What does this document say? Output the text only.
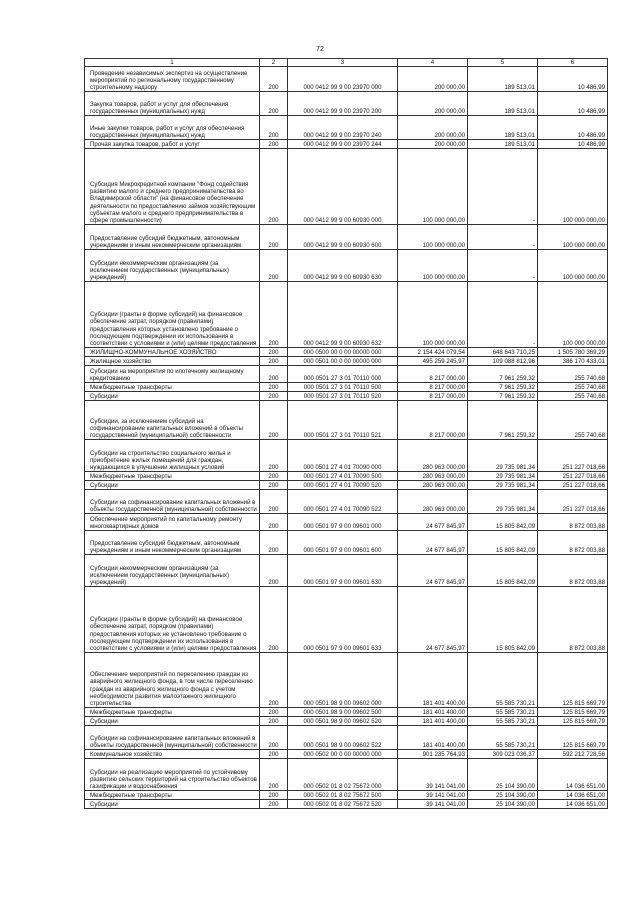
72
1	2	3	4	5	6
Проведение независимых экспертиз на осуществление мероприятий по региональному государственному строительному надзору	200	000 0412 99 9 00 23970 000	200 000,00	189 513,01	10 486,99
Закупка товаров, работ и услуг для обеспечения государственных (муниципальных) нужд	200	000 0412 99 9 00 23970 200	200 000,00	189 513,01	10 486,99
Иные закупки товаров, работ и услуг для обеспечения государственных (муниципальных) нужд	200	000 0412 99 9 00 23970 240	200 000,00	189 513,01	10 486,99
Прочая закупка товаров, работ и услуг	200	000 0412 99 9 00 23970 244	200 000,00	189 513,01	10 486,99
Субсидия Микрокредитной компании "Фонд содействия развитию малого и среднего предпринимательства во Владимирской области" (на финансовое обеспечение деятельности по предоставлению займов хозяйствующим субъектам малого и среднего предпринимательства в сфере промышленности)	200	000 0412 99 9 00 60930 000	100 000 000,00	-	100 000 000,00
Предоставление субсидий бюджетным, автономным учреждениям и иным некоммерческим организациям	200	000 0412 99 9 00 60930 600	100 000 000,00	-	100 000 000,00
Субсидии некоммерческим организациям (за исключением государственных (муниципальных) учреждений)	200	000 0412 99 9 00 60930 630	100 000 000,00	-	100 000 000,00
Субсидии (гранты в форме субсидий) на финансовое обеспечение затрат, порядком (правилами) предоставления которых установлено требование о последующем подтверждении их использования в соответствии с условиями и (или) целями предоставления	200	000 0412 99 9 00 60930 632	100 000 000,00	-	100 000 000,00
ЖИЛИЩНО-КОММУНАЛЬНОЕ ХОЗЯЙСТВО	200	000 0500 00 0 00 00000 000	2 154 424 079,54	648 643 710,25	1 505 780 369,29
Жилищное хозяйство	200	000 0501 00 0 00 00000 000	495 259 245,97	109 088 812,96	386 170 433,01
Субсидии на мероприятия по ипотечному жилищному кредитованию	200	000 0501 27 3 01 70110 000	8 217 000,00	7 961 259,32	255 740,68
Межбюджетные трансферты	200	000 0501 27 3 01 70110 500	8 217 000,00	7 961 259,32	255 740,68
Субсидии	200	000 0501 27 3 01 70110 520	8 217 000,00	7 961 259,32	255 740,68
Субсидии, за исключением субсидий на софинансирование капитальных вложений в объекты государственной (муниципальной) собственности	200	000 0501 27 3 01 70110 521	8 217 000,00	7 961 259,32	255 740,68
Субсидии на строительство социального жилья и приобретение жилых помещений для граждан, нуждающихся в улучшении жилищных условий	200	000 0501 27 4 01 70090 000	280 963 000,00	29 735 981,34	251 227 018,66
Межбюджетные трансферты	200	000 0501 27 4 01 70090 500	280 963 000,00	29 735 981,34	251 227 018,66
Субсидии	200	000 0501 27 4 01 70090 520	280 963 000,00	29 735 981,34	251 227 018,66
Субсидии на софинансирование капитальных вложений в объекты государственной (муниципальной) собственности	200	000 0501 27 4 01 70090 522	280 963 000,00	29 735 981,34	251 227 018,66
Обеспечение мероприятий по капитальному ремонту многоквартирных домов	200	000 0501 97 9 00 09601 000	24 677 845,97	15 805 842,09	8 872 003,88
Предоставление субсидий бюджетным, автономным учреждениям и иным некоммерческим организациям	200	000 0501 97 9 00 09601 600	24 677 845,97	15 805 842,09	8 872 003,88
Субсидии некоммерческим организациям (за исключением государственных (муниципальных) учреждений)	200	000 0501 97 9 00 09601 630	24 677 845,97	15 805 842,09	8 872 003,88
Субсидии (гранты в форме субсидий) на финансовое обеспечение затрат, порядком (правилами) предоставления которых не установлено требование о последующем подтверждении их использования в соответствии с условиями и (или) целями предоставления	200	000 0501 97 9 00 09601 633	24 677 845,97	15 805 842,09	8 872 003,88
Обеспечение мероприятий по переселению граждан из аварийного жилищного фонда, в том числе переселению граждан из аварийного жилищного фонда с учетом необходимости развития малоэтажного жилищного строительства	200	000 0501 98 9 00 09602 000	181 401 400,00	55 585 730,21	125 815 669,79
Межбюджетные трансферты	200	000 0501 98 9 00 09602 500	181 401 400,00	55 585 730,21	125 815 669,79
Субсидии	200	000 0501 98 9 00 09602 520	181 401 400,00	55 585 730,21	125 815 669,79
Субсидии на софинансирование капитальных вложений в объекты государственной (муниципальной) собственности	200	000 0501 98 9 00 09602 522	181 401 400,00	55 585 730,21	125 815 669,79
Коммунальное хозяйство	200	000 0502 00 0 00 00000 000	901 235 764,93	309 023 036,37	592 212 728,56
Субсидии на реализацию мероприятий по устойчивому развитию сельских территорий на строительство объектов газификации и водоснабжения	200	000 0502 01 8 02 75672 000	39 141 041,00	25 104 390,00	14 036 651,00
Межбюджетные трансферты	200	000 0502 01 8 02 75672 500	39 141 041,00	25 104 390,00	14 036 651,00
Субсидии	200	000 0502 01 8 02 75672 520	39 141 041,00	25 104 390,00	14 036 651,00
